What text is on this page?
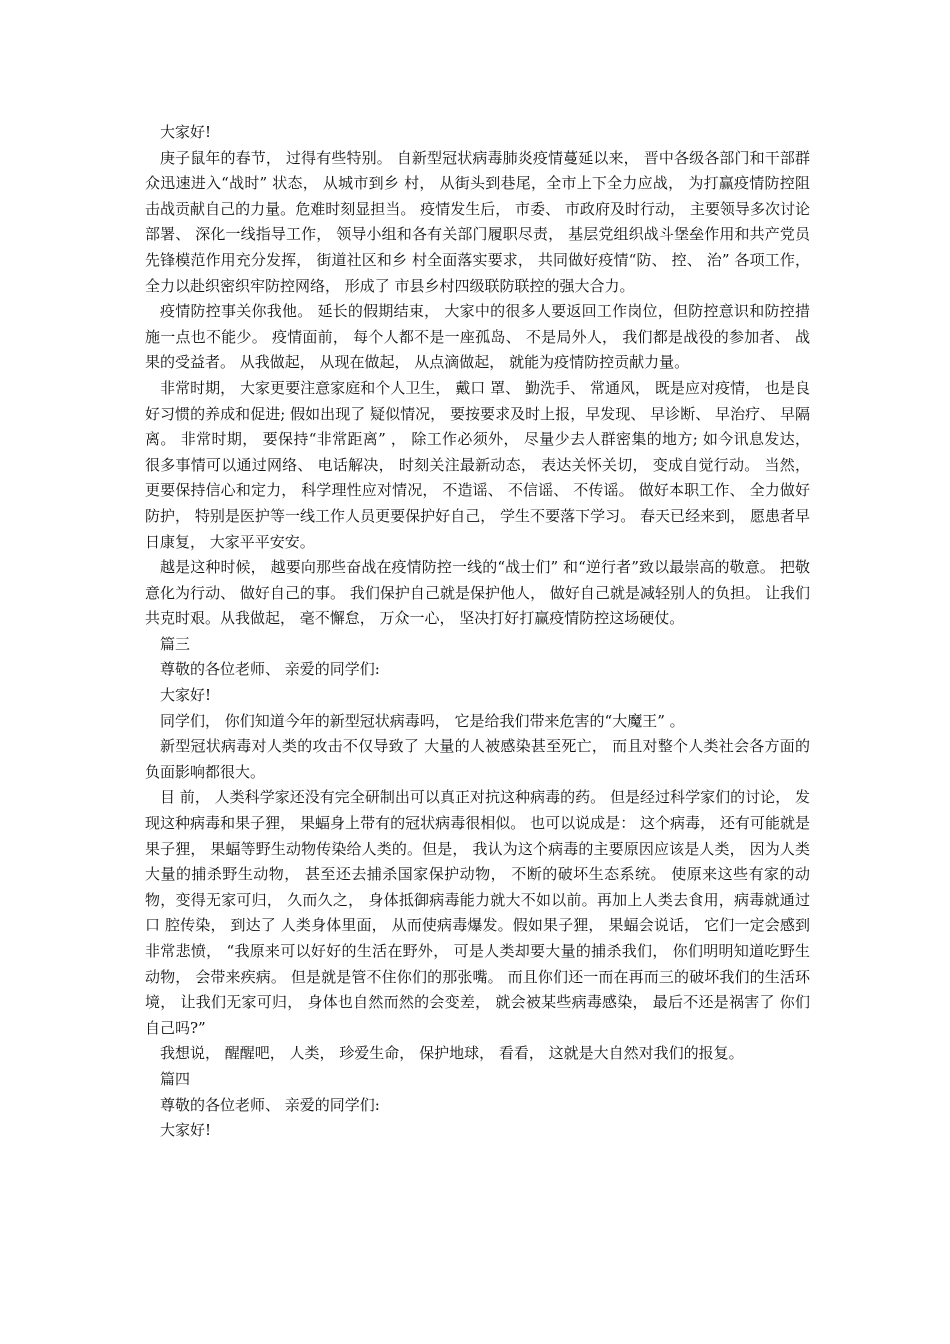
大家好!

庚子鼠年的春节， 过得有些特别。 自新型冠状病毒肺炎疫情蔓延以来， 晋中各级各部门和干部群众迅速进入“战时” 状态， 从城市到乡 村， 从街头到巷尾，全市上下全力应战， 为打赢疫情防控阻击战贡献自己的力量。危难时刻显担当。 疫情发生后， 市委、 市政府及时行动， 主要领导多次讨论部署、 深化一线指导工作， 领导小组和各有关部门履职尽责， 基层党组织战斗堡垒作用和共产党员先锋模范作用充分发挥， 街道社区和乡 村全面落实要求， 共同做好疫情“防、 控、 治” 各项工作， 全力以赴织密织牢防控网络， 形成了 市县乡村四级联防联控的强大合力。

疫情防控事关你我他。 延长的假期结束， 大家中的很多人要返回工作岗位，但防控意识和防控措施一点也不能少。 疫情面前， 每个人都不是一座孤岛、 不是局外人， 我们都是战役的参加者、 战果的受益者。 从我做起， 从现在做起， 从点滴做起， 就能为疫情防控贡献力量。

非常时期， 大家更要注意家庭和个人卫生， 戴口 罩、 勤洗手、 常通风， 既是应对疫情， 也是良好习惯的养成和促进; 假如出现了 疑似情况， 要按要求及时上报，早发现、 早诊断、 早治疗、 早隔离。 非常时期， 要保持“非常距离” ， 除工作必须外， 尽量少去人群密集的地方; 如今讯息发达， 很多事情可以通过网络、 电话解决， 时刻关注最新动态， 表达关怀关切， 变成自觉行动。 当然， 更要保持信心和定力， 科学理性应对情况， 不造谣、 不信谣、 不传谣。 做好本职工作、 全力做好防护， 特别是医护等一线工作人员更要保护好自己， 学生不要落下学习。 春天已经来到， 愿患者早日康复， 大家平平安安。

越是这种时候， 越要向那些奋战在疫情防控一线的“战士们” 和“逆行者”致以最崇高的敬意。 把敬意化为行动、 做好自己的事。 我们保护自己就是保护他人， 做好自己就是减轻别人的负担。 让我们共克时艰。从我做起， 毫不懈怠， 万众一心， 坚决打好打赢疫情防控这场硬仗。

篇三

尊敬的各位老师、 亲爱的同学们:

大家好!

同学们， 你们知道今年的新型冠状病毒吗， 它是给我们带来危害的“大魔王” 。

新型冠状病毒对人类的攻击不仅导致了 大量的人被感染甚至死亡， 而且对整个人类社会各方面的负面影响都很大。

目 前， 人类科学家还没有完全研制出可以真正对抗这种病毒的药。 但是经过科学家们的讨论， 发现这种病毒和果子狸， 果蝠身上带有的冠状病毒很相似。 也可以说成是： 这个病毒， 还有可能就是果子狸， 果蝠等野生动物传染给人类的。但是， 我认为这个病毒的主要原因应该是人类， 因为人类大量的捕杀野生动物， 甚至还去捕杀国家保护动物， 不断的破坏生态系统。 使原来这些有家的动物，变得无家可归， 久而久之， 身体抵御病毒能力就大不如以前。再加上人类去食用，病毒就通过口 腔传染， 到达了 人类身体里面， 从而使病毒爆发。假如果子狸， 果蝠会说话， 它们一定会感到非常悲愤， “我原来可以好好的生活在野外， 可是人类却要大量的捕杀我们， 你们明明知道吃野生动物， 会带来疾病。 但是就是管不住你们的那张嘴。 而且你们还一而在再而三的破坏我们的生活环境， 让我们无家可归， 身体也自然而然的会变差， 就会被某些病毒感染， 最后不还是祸害了 你们自己吗?”

我想说， 醒醒吧， 人类， 珍爱生命， 保护地球， 看看， 这就是大自然对我们的报复。

篇四

尊敬的各位老师、 亲爱的同学们:

大家好!
